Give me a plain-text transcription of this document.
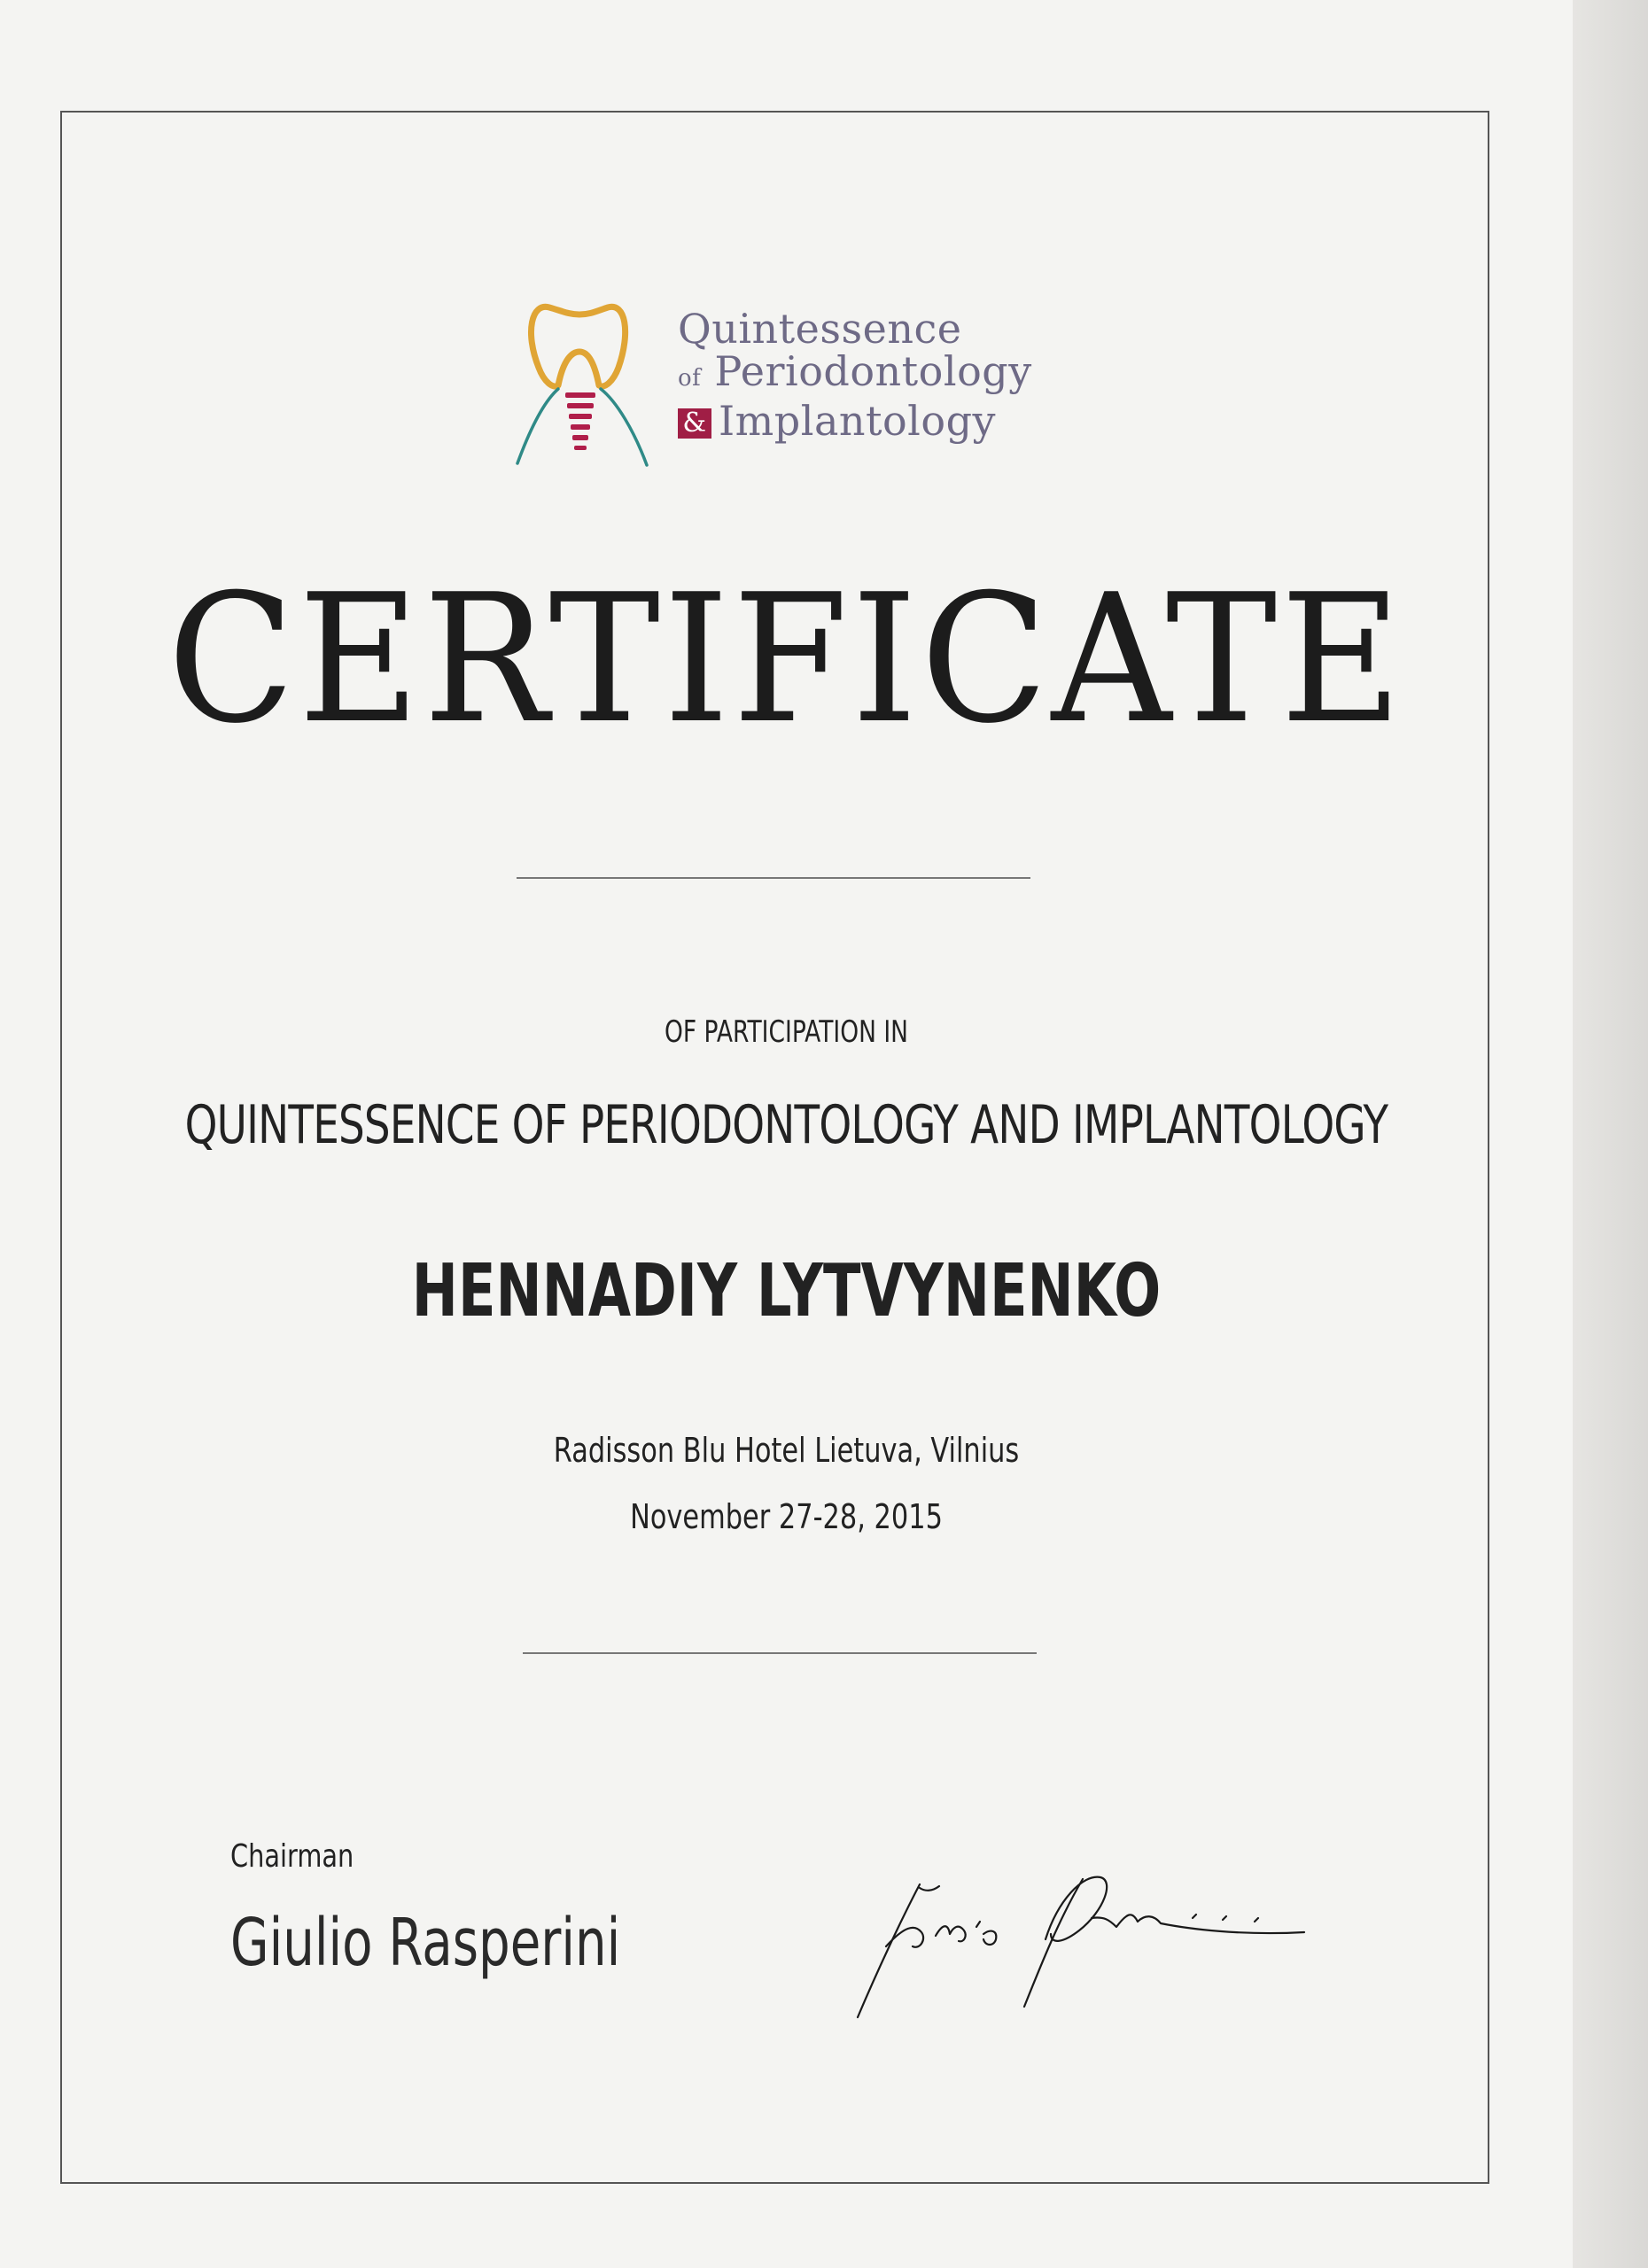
Quintessence
of Periodontology
& Implantology
CERTIFICATE
OF PARTICIPATION IN
QUINTESSENCE OF PERIODONTOLOGY AND IMPLANTOLOGY
HENNADIY LYTVYNENKO
Radisson Blu Hotel Lietuva, Vilnius
November 27-28, 2015
Chairman
Giulio Rasperini
